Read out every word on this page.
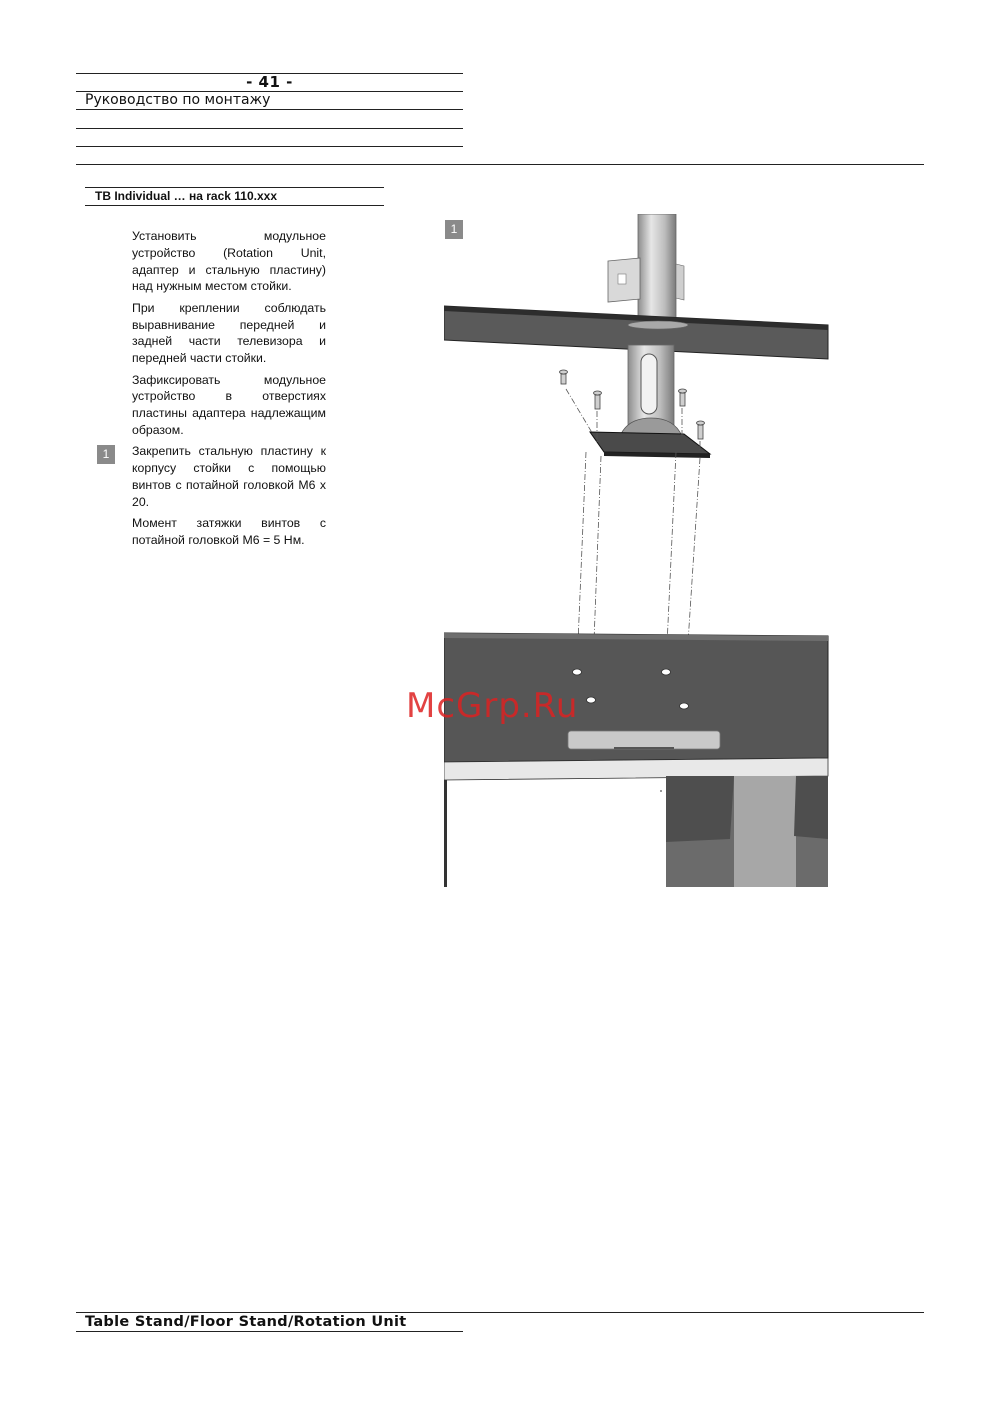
- 41 -
Руководство по монтажу
TB Individual … на rack 110.xxx

Установить модульное устройство (Rotation Unit, адаптер и стальную пластину) над нужным местом стойки.

При креплении соблюдать выравнивание передней и задней части телевизора и передней части стойки.

Зафиксировать модульное устройство в отверстиях пластины адаптера надлежащим образом.

Закрепить стальную пластину к корпусу стойки с помощью винтов с потайной головкой M6 x 20.

Момент затяжки винтов с потайной головкой M6 = 5 Нм.

1
1
McGrp.Ru
Table Stand/Floor Stand/Rotation Unit
